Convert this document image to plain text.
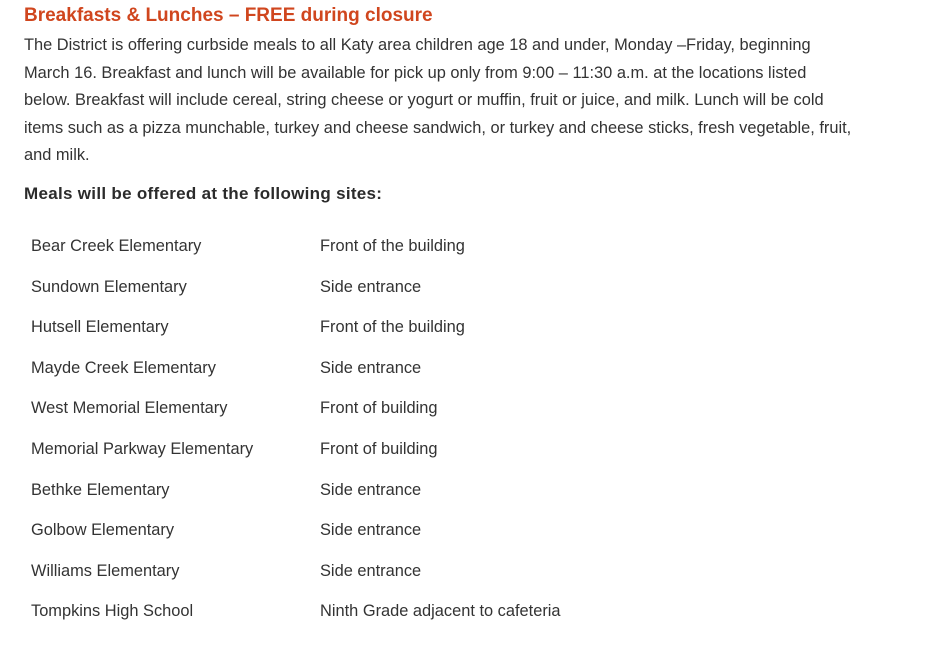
Breakfasts & Lunches – FREE during closure
The District is offering curbside meals to all Katy area children age 18 and under, Monday –Friday, beginning
March 16. Breakfast and lunch will be available for pick up only from 9:00 – 11:30 a.m. at the locations listed
below. Breakfast will include cereal, string cheese or yogurt or muffin, fruit or juice, and milk. Lunch will be cold
items such as a pizza munchable, turkey and cheese sandwich, or turkey and cheese sticks, fresh vegetable, fruit,
and milk.
Meals will be offered at the following sites:
Bear Creek Elementary	Front of the building
Sundown Elementary	Side entrance
Hutsell Elementary	Front of the building
Mayde Creek Elementary	Side entrance
West Memorial Elementary	Front of building
Memorial Parkway Elementary	Front of building
Bethke Elementary	Side entrance
Golbow Elementary	Side entrance
Williams Elementary	Side entrance
Tompkins High School	Ninth Grade adjacent to cafeteria
